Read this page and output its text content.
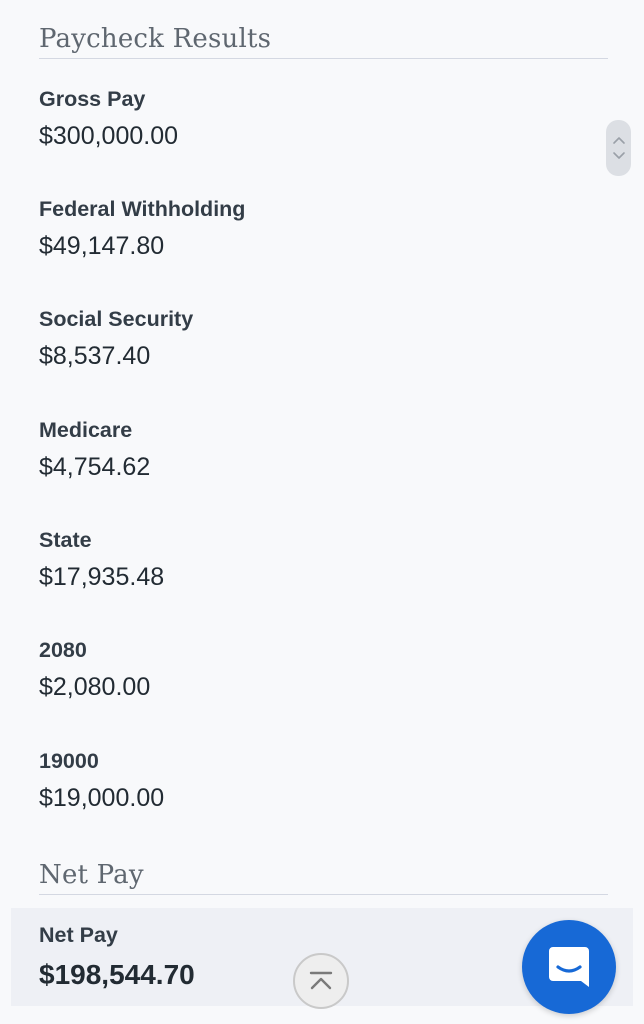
Paycheck Results
Gross Pay
$300,000.00
Federal Withholding
$49,147.80
Social Security
$8,537.40
Medicare
$4,754.62
State
$17,935.48
2080
$2,080.00
19000
$19,000.00
Net Pay
Net Pay
$198,544.70
